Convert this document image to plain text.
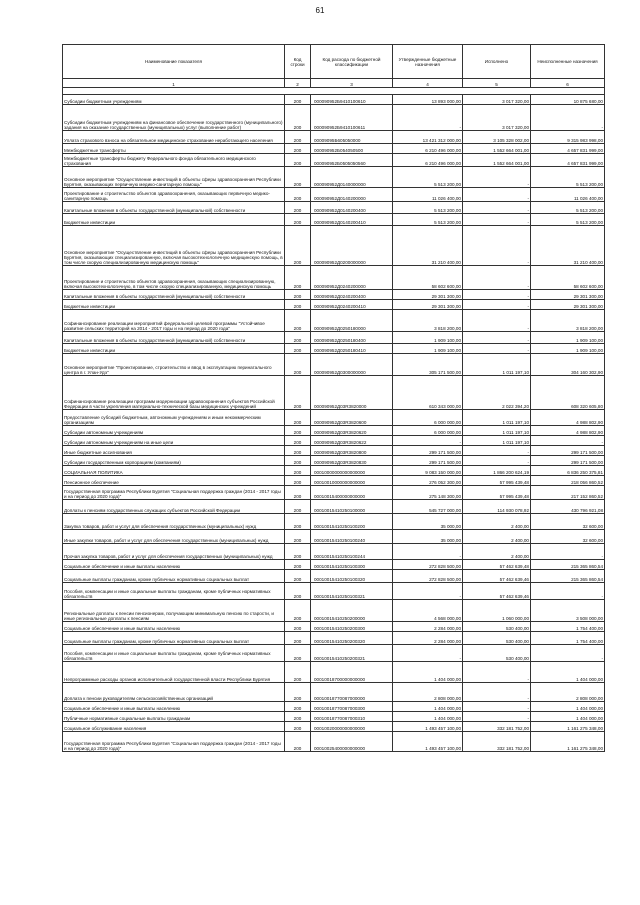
61
Наименование показателя	Код строки	Код расхода по бюджетной классификации	Утвержденные бюджетные назначения	Исполнено	Неисполненные назначения
1	2	3	4	5	6

Субсидии бюджетным учреждениям	200	000090952Б9410100610	13 893 000,00	3 017 320,00	10 875 680,00
Субсидии бюджетным учреждениям на финансовое обеспечение государственного (муниципального) задания на оказание государственных (муниципальных) услуг (выполнение работ)	200	000090952Б9410100611	-	3 017 320,00	-
Уплата страхового взноса на обязательное медицинское страхование неработающего населения	200	00009095Б605050000	13 421 312 000,00	3 105 328 002,00	9 315 983 998,00
Межбюджетные трансферты	200	000090952Б054050500	6 210 496 000,00	1 552 664 001,00	4 657 831 999,00
Межбюджетные трансферты бюджету Федерального фонда обязательного медицинского страхования	200	000090952Б0505050560	6 210 496 000,00	1 552 664 001,00	4 657 831 999,00
Основное мероприятие "Осуществление инвестиций в объекты сферы здравоохранения Республики Бурятия, оказывающих первичную медико-санитарную помощь"	200	000090952Д0140000000	5 513 200,00	-	5 513 200,00
Проектирование и строительство объектов здравоохранения, оказывающих первичную медико-санитарную помощь	200	000090952Д0140200000	11 026 400,00	-	11 026 400,00
Капитальные вложения в объекты государственной (муниципальной) собственности	200	000090952Д0140200400	5 513 200,00	-	5 513 200,00
Бюджетные инвестиции	200	000090952Д0140200410	5 513 200,00	-	5 513 200,00
Основное мероприятие "Осуществление инвестиций в объекты сферы здравоохранения Республики Бурятия, оказывающих специализированную, включая высокотехнологичную медицинскую помощь, в том числе скорую специализированную медицинскую помощь"	200	000090952Д0200000000	31 210 400,00	-	31 210 400,00
Проектирование и строительство объектов здравоохранения, оказывающих специализированную, включая высокотехнологичную, в том числе скорую специализированную, медицинскую помощь	200	000090952Д0240200000	58 602 600,00	-	58 602 600,00
Капитальные вложения в объекты государственной (муниципальной) собственности	200	000090952Д0240200400	29 301 300,00	-	29 301 300,00
Бюджетные инвестиции	200	000090952Д0240200410	29 301 300,00	-	29 301 300,00
Софинансирование реализации мероприятий федеральной целевой программы "Устойчивое развитие сельских территорий на 2014 - 2017 годы и на период до 2020 года"	200	000090952Д0250180000	3 818 200,00	-	3 818 200,00
Капитальные вложения в объекты государственной (муниципальной) собственности	200	000090952Д0250180400	1 909 100,00	-	1 909 100,00
Бюджетные инвестиции	200	000090952Д0250180410	1 909 100,00	-	1 909 100,00
Основное мероприятие "Проектирование, строительство и ввод в эксплуатацию перинатального центра в г. Улан-Удэ"	200	000090952Д0300000000	305 171 500,00	1 011 197,10	304 160 302,90
Софинансирование реализации программ модернизации здравоохранения субъектов Российской Федерации в части укрепления материально-технической базы медицинских учреждений	200	000090952Д03R3820000	610 343 000,00	2 022 394,20	608 320 605,80
Предоставление субсидий бюджетным, автономным учреждениям и иным некоммерческим организациям	200	000090952Д03R3820600	6 000 000,00	1 011 197,10	4 988 802,90
Субсидии автономным учреждениям	200	000090952Д03R3820620	6 000 000,00	1 011 197,10	4 988 802,90
Субсидии автономным учреждениям на иные цели	200	000090952Д03R3820622	-	1 011 197,10	-
Иные бюджетные ассигнования	200	000090952Д03R3820800	299 171 500,00	-	299 171 500,00
Субсидии государственным корпорациям (компаниям)	200	000090952Д03R3820830	299 171 500,00	-	299 171 500,00
СОЦИАЛЬНАЯ ПОЛИТИКА	200	00010000000000000000	9 083 150 000,00	1 866 200 624,19	6 836 250 375,81
Пенсионное обеспечение	200	00010010000000000000	276 052 300,00	57 995 439,48	218 056 860,52
Государственная программа Республики Бурятия "Социальная поддержка граждан (2014 - 2017 годы и на период до 2020 года)"	200	00010015400000000000	275 148 300,00	57 995 439,48	217 152 860,52
Доплаты к пенсиям государственных служащих субъектов Российской Федерации	200	00010015410250100000	545 727 000,00	114 930 078,92	430 796 921,08
Закупка товаров, работ и услуг для обеспечения государственных (муниципальных) нужд	200	00010015410250100200	35 000,00	2 400,00	32 600,00
Иные закупки товаров, работ и услуг для обеспечения государственных (муниципальных) нужд	200	00010015410250100240	35 000,00	2 400,00	32 600,00
Прочая закупка товаров, работ и услуг для обеспечения государственных (муниципальных) нужд	200	00010015410250100244	-	2 400,00	-
Социальное обеспечение и иные выплаты населению	200	00010015410250100300	272 828 500,00	57 462 639,48	215 365 860,54
Социальные выплаты гражданам, кроме публичных нормативных социальных выплат	200	00010015410250100320	272 828 500,00	57 462 639,46	215 365 860,54
Пособия, компенсации и иные социальные выплаты гражданам, кроме публичных нормативных обязательств	200	00010015410250100321	-	57 462 639,46	-
Региональные доплаты к пенсии пенсионерам, получающим минимальную пенсию по старости, и иные региональные доплаты к пенсиям	200	00010015410250200000	4 568 000,00	1 060 000,00	3 508 000,00
Социальное обеспечение и иные выплаты населению	200	00010015410250200300	2 284 000,00	530 400,00	1 754 400,00
Социальные выплаты гражданам, кроме публичных нормативных социальных выплат	200	00010015410250200320	2 284 000,00	530 400,00	1 754 400,00
Пособия, компенсации и иные социальные выплаты гражданам, кроме публичных нормативных обязательств	200	00010015410250200321	-	530 400,00	-
Непрограммные расходы органов исполнительной государственной власти Республики Бурятия	200	00010018700000000000	1 404 000,00	-	1 404 000,00
Доплата к пенсии руководителям сельскохозяйственных организаций	200	00010018770087000000	2 808 000,00	-	2 808 000,00
Социальное обеспечение и иные выплаты населению	200	00010018770087000300	1 404 000,00	-	1 404 000,00
Публичные нормативные социальные выплаты гражданам	200	00010018770087000310	1 404 000,00	-	1 404 000,00
Социальное обслуживание населения	200	00010020000000000000	1 493 457 100,00	332 181 752,00	1 161 275 348,00
Государственная программа Республики Бурятия "Социальная поддержка граждан (2014 - 2017 годы и на период до 2020 года)"	200	00010025400000000000	1 493 457 100,00	332 181 752,00	1 161 275 348,00
